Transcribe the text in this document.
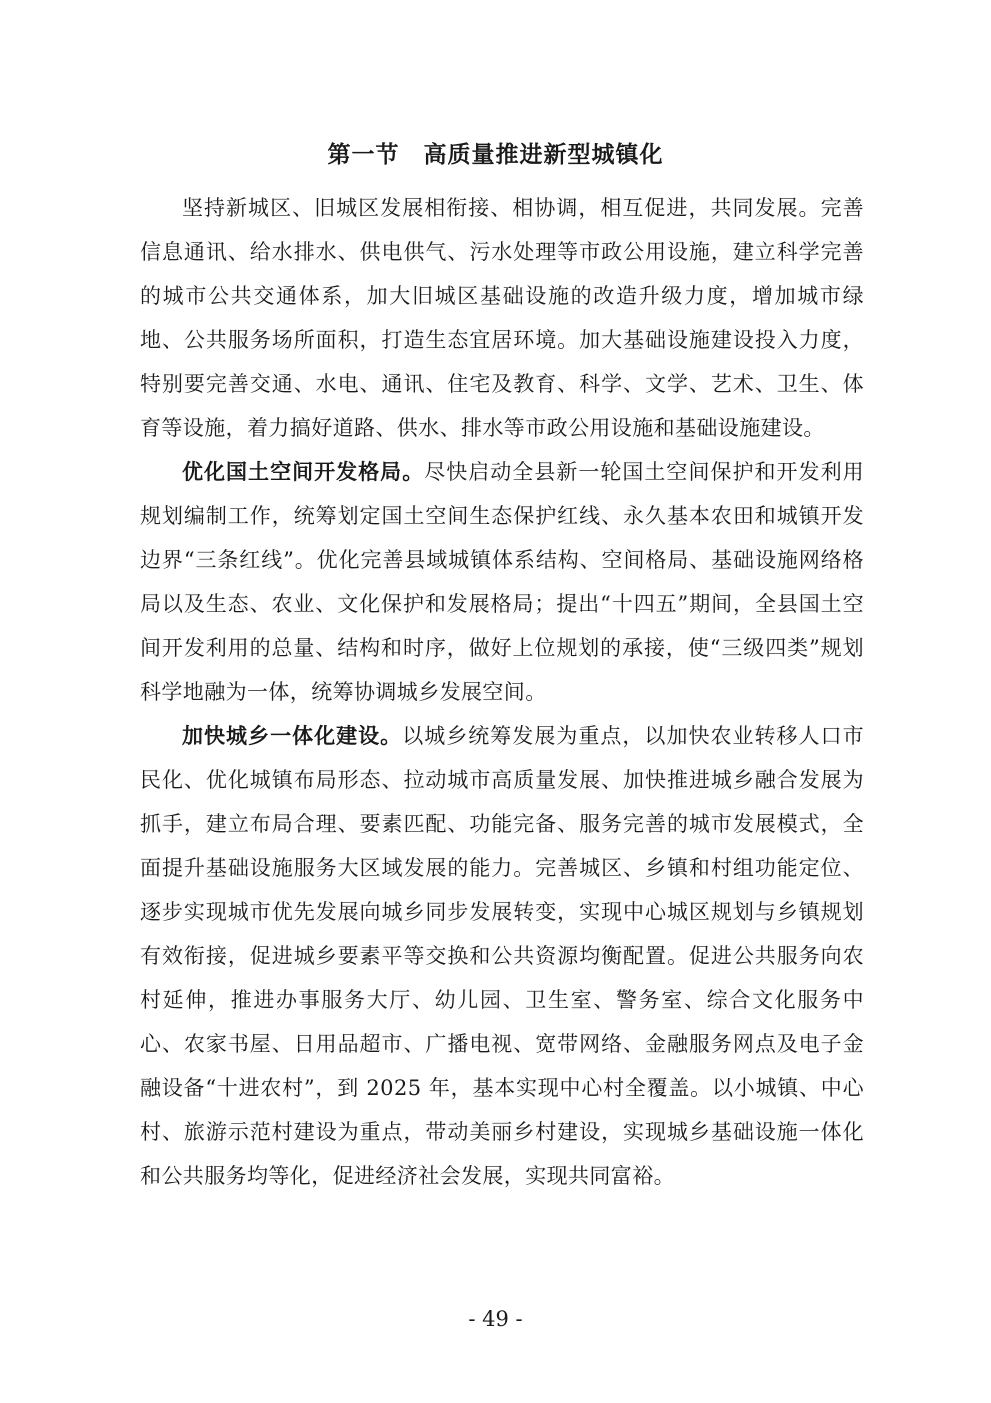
第一节　高质量推进新型城镇化

坚持新城区、旧城区发展相衔接、相协调，相互促进，共同发展。完善信息通讯、给水排水、供电供气、污水处理等市政公用设施，建立科学完善的城市公共交通体系，加大旧城区基础设施的改造升级力度，增加城市绿地、公共服务场所面积，打造生态宜居环境。加大基础设施建设投入力度，特别要完善交通、水电、通讯、住宅及教育、科学、文学、艺术、卫生、体育等设施，着力搞好道路、供水、排水等市政公用设施和基础设施建设。

优化国土空间开发格局。尽快启动全县新一轮国土空间保护和开发利用规划编制工作，统筹划定国土空间生态保护红线、永久基本农田和城镇开发边界“三条红线”。优化完善县域城镇体系结构、空间格局、基础设施网络格局以及生态、农业、文化保护和发展格局；提出“十四五”期间，全县国土空间开发利用的总量、结构和时序，做好上位规划的承接，使“三级四类”规划科学地融为一体，统筹协调城乡发展空间。

加快城乡一体化建设。以城乡统筹发展为重点，以加快农业转移人口市民化、优化城镇布局形态、拉动城市高质量发展、加快推进城乡融合发展为抓手，建立布局合理、要素匹配、功能完备、服务完善的城市发展模式，全面提升基础设施服务大区域发展的能力。完善城区、乡镇和村组功能定位、逐步实现城市优先发展向城乡同步发展转变，实现中心城区规划与乡镇规划有效衔接，促进城乡要素平等交换和公共资源均衡配置。促进公共服务向农村延伸，推进办事服务大厅、幼儿园、卫生室、警务室、综合文化服务中心、农家书屋、日用品超市、广播电视、宽带网络、金融服务网点及电子金融设备“十进农村”，到 2025 年，基本实现中心村全覆盖。以小城镇、中心村、旅游示范村建设为重点，带动美丽乡村建设，实现城乡基础设施一体化和公共服务均等化，促进经济社会发展，实现共同富裕。

- 49 -
